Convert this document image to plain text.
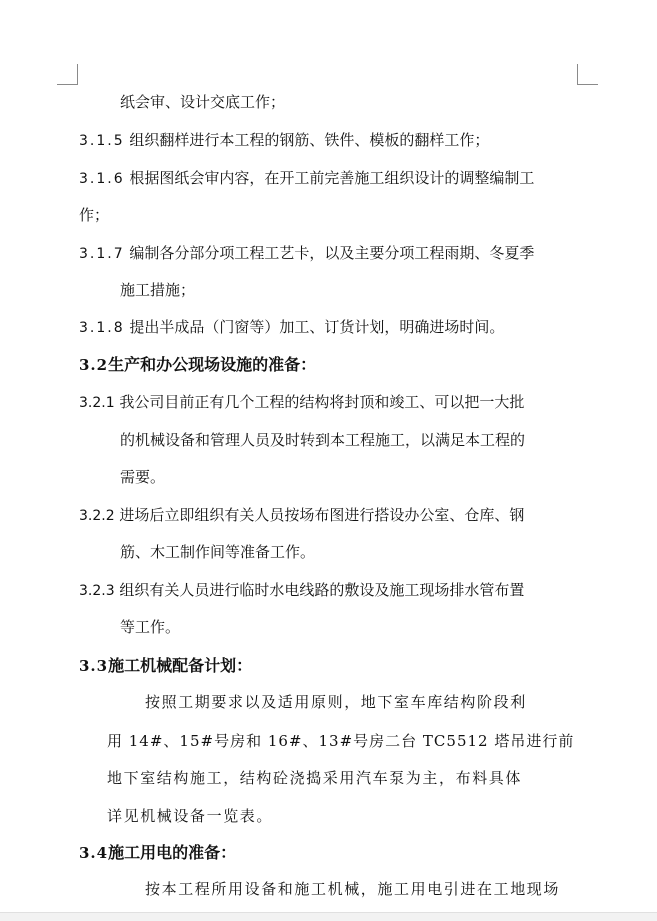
纸会审、设计交底工作；
3.1.5 组织翻样进行本工程的钢筋、铁件、模板的翻样工作；
3.1.6 根据图纸会审内容，在开工前完善施工组织设计的调整编制工
作；
3.1.7 编制各分部分项工程工艺卡，以及主要分项工程雨期、冬夏季
施工措施；
3.1.8 提出半成品（门窗等）加工、订货计划，明确进场时间。
3.2生产和办公现场设施的准备：
3.2.1 我公司目前正有几个工程的结构将封顶和竣工、可以把一大批
的机械设备和管理人员及时转到本工程施工，以满足本工程的
需要。
3.2.2 进场后立即组织有关人员按场布图进行搭设办公室、仓库、钢
筋、木工制作间等准备工作。
3.2.3 组织有关人员进行临时水电线路的敷设及施工现场排水管布置
等工作。
3.3施工机械配备计划：
按照工期要求以及适用原则，地下室车库结构阶段利
用 14#、15#号房和 16#、13#号房二台 TC5512 塔吊进行前
地下室结构施工，结构砼浇捣采用汽车泵为主，布料具体
详见机械设备一览表。
3.4施工用电的准备：
按本工程所用设备和施工机械，施工用电引进在工地现场
